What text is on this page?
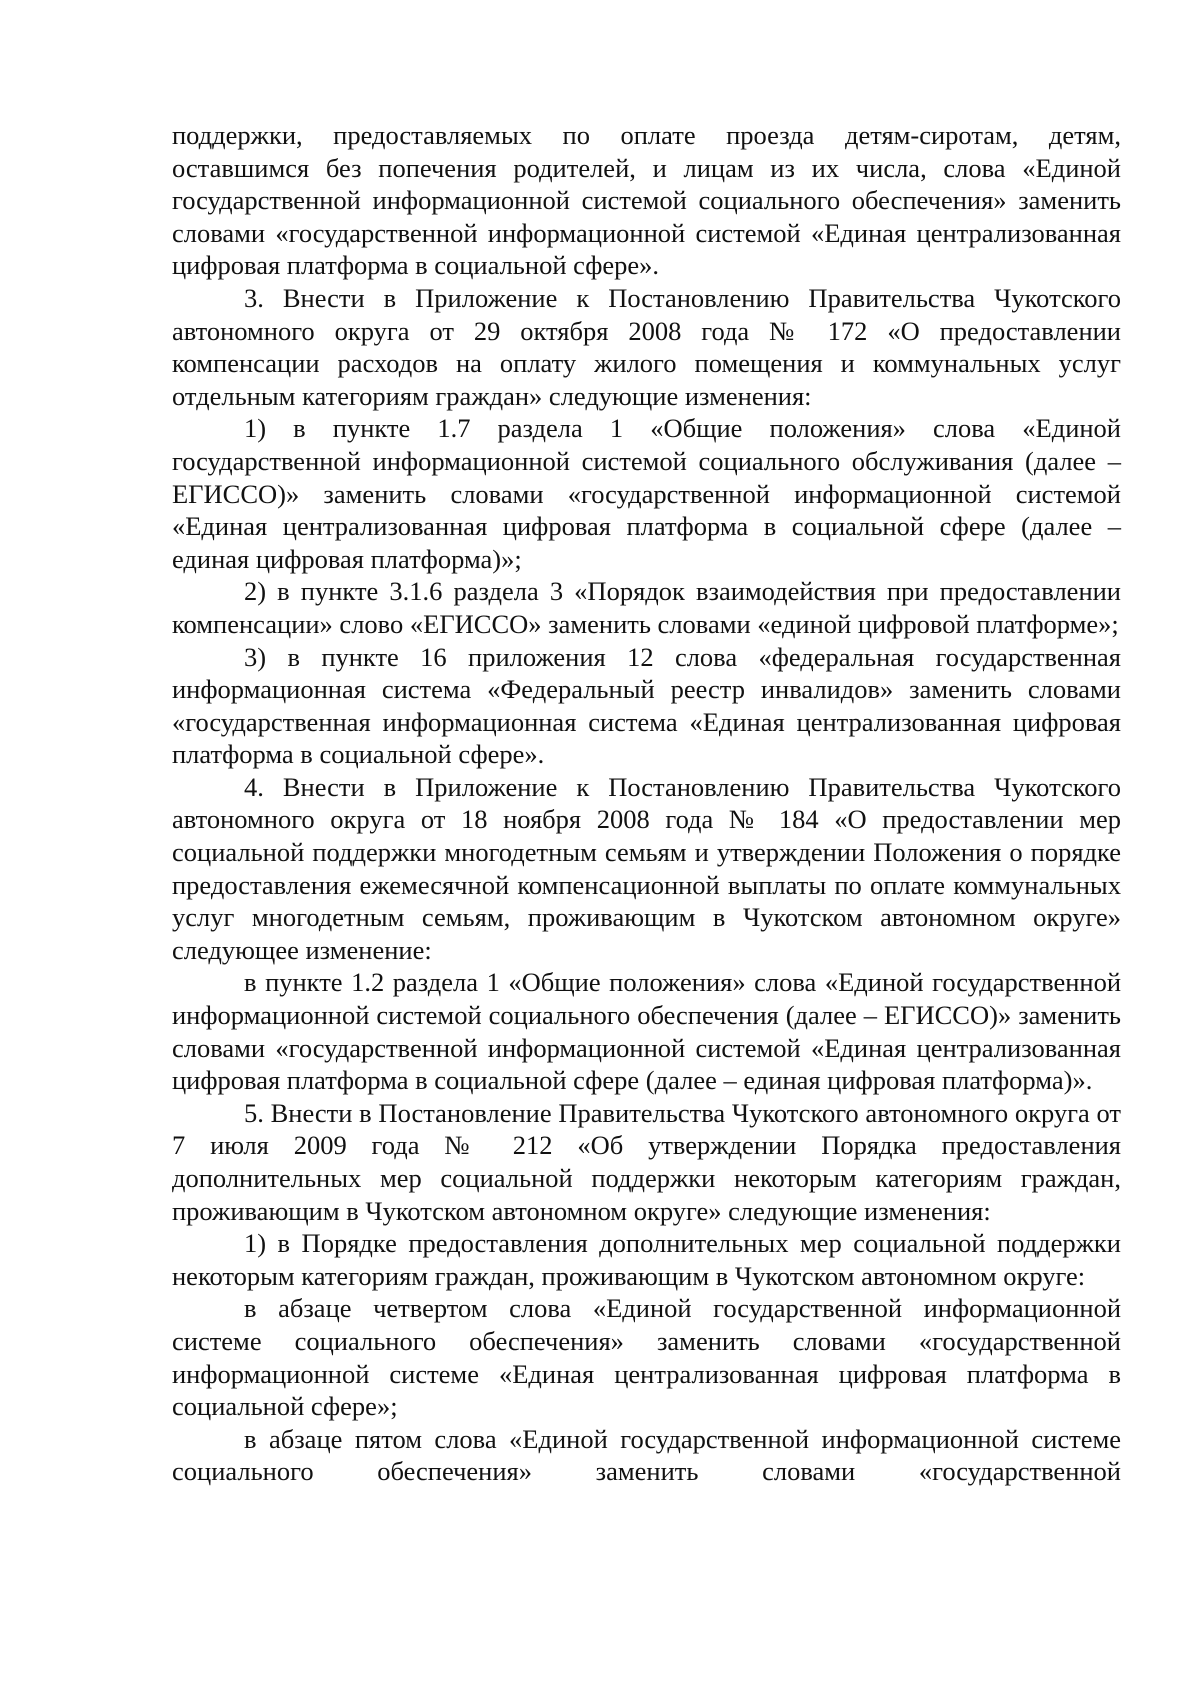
поддержки, предоставляемых по оплате проезда детям-сиротам, детям, оставшимся без попечения родителей, и лицам из их числа, слова «Единой государственной информационной системой социального обеспечения» заменить словами «государственной информационной системой «Единая централизованная цифровая платформа в социальной сфере».

3. Внести в Приложение к Постановлению Правительства Чукотского автономного округа от 29 октября 2008 года № 172 «О предоставлении компенсации расходов на оплату жилого помещения и коммунальных услуг отдельным категориям граждан» следующие изменения:

1) в пункте 1.7 раздела 1 «Общие положения» слова «Единой государственной информационной системой социального обслуживания (далее – ЕГИССО)» заменить словами «государственной информационной системой «Единая централизованная цифровая платформа в социальной сфере (далее – единая цифровая платформа)»;

2) в пункте 3.1.6 раздела 3 «Порядок взаимодействия при предоставлении компенсации» слово «ЕГИССО» заменить словами «единой цифровой платформе»;

3) в пункте 16 приложения 12 слова «федеральная государственная информационная система «Федеральный реестр инвалидов» заменить словами «государственная информационная система «Единая централизованная цифровая платформа в социальной сфере».

4. Внести в Приложение к Постановлению Правительства Чукотского автономного округа от 18 ноября 2008 года № 184 «О предоставлении мер социальной поддержки многодетным семьям и утверждении Положения о порядке предоставления ежемесячной компенсационной выплаты по оплате коммунальных услуг многодетным семьям, проживающим в Чукотском автономном округе» следующее изменение:

в пункте 1.2 раздела 1 «Общие положения» слова «Единой государственной информационной системой социального обеспечения (далее – ЕГИССО)» заменить словами «государственной информационной системой «Единая централизованная цифровая платформа в социальной сфере (далее – единая цифровая платформа)».

5. Внести в Постановление Правительства Чукотского автономного округа от 7 июля 2009 года № 212 «Об утверждении Порядка предоставления дополнительных мер социальной поддержки некоторым категориям граждан, проживающим в Чукотском автономном округе» следующие изменения:

1) в Порядке предоставления дополнительных мер социальной поддержки некоторым категориям граждан, проживающим в Чукотском автономном округе:

в абзаце четвертом слова «Единой государственной информационной системе социального обеспечения» заменить словами «государственной информационной системе «Единая централизованная цифровая платформа в социальной сфере»;

в абзаце пятом слова «Единой государственной информационной системе социального обеспечения» заменить словами «государственной
